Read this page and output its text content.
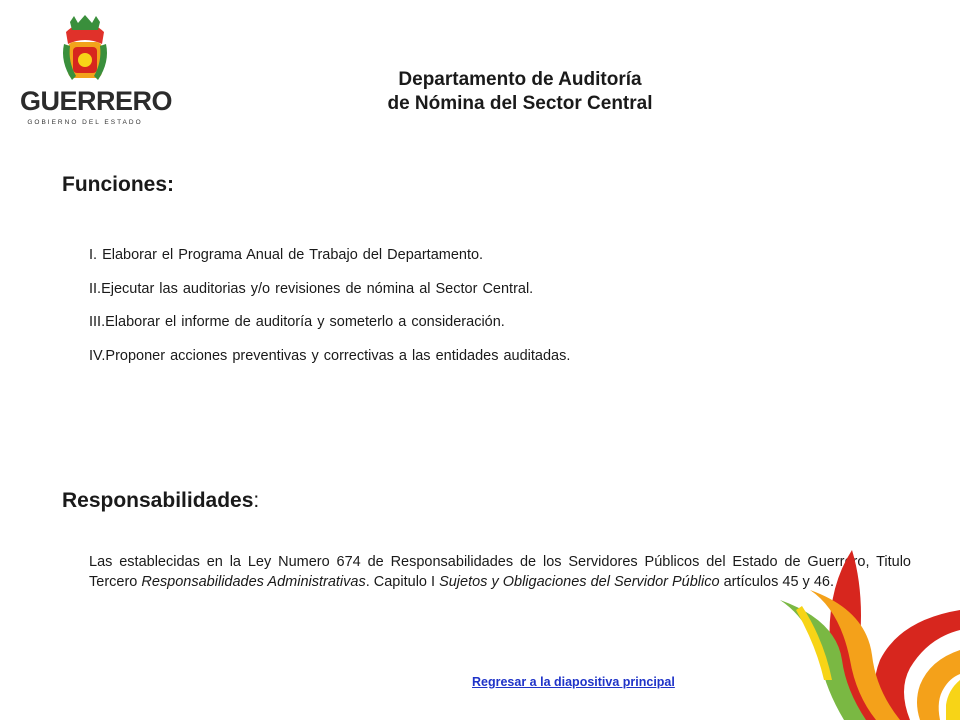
GUERRERO
GOBIERNO DEL ESTADO
Departamento de Auditoría
de Nómina del Sector Central
Funciones:
I. Elaborar el Programa Anual de Trabajo del Departamento.
II.Ejecutar las auditorias y/o revisiones de nómina al Sector Central.
III.Elaborar el informe de auditoría y someterlo a consideración.
IV.Proponer acciones preventivas y correctivas a las entidades auditadas.
Responsabilidades:
Las establecidas en la Ley Numero 674 de Responsabilidades de los Servidores Públicos del Estado de Guerrero, Titulo Tercero Responsabilidades Administrativas. Capitulo I Sujetos y Obligaciones del Servidor Público artículos 45 y 46.
Regresar a la diapositiva principal
